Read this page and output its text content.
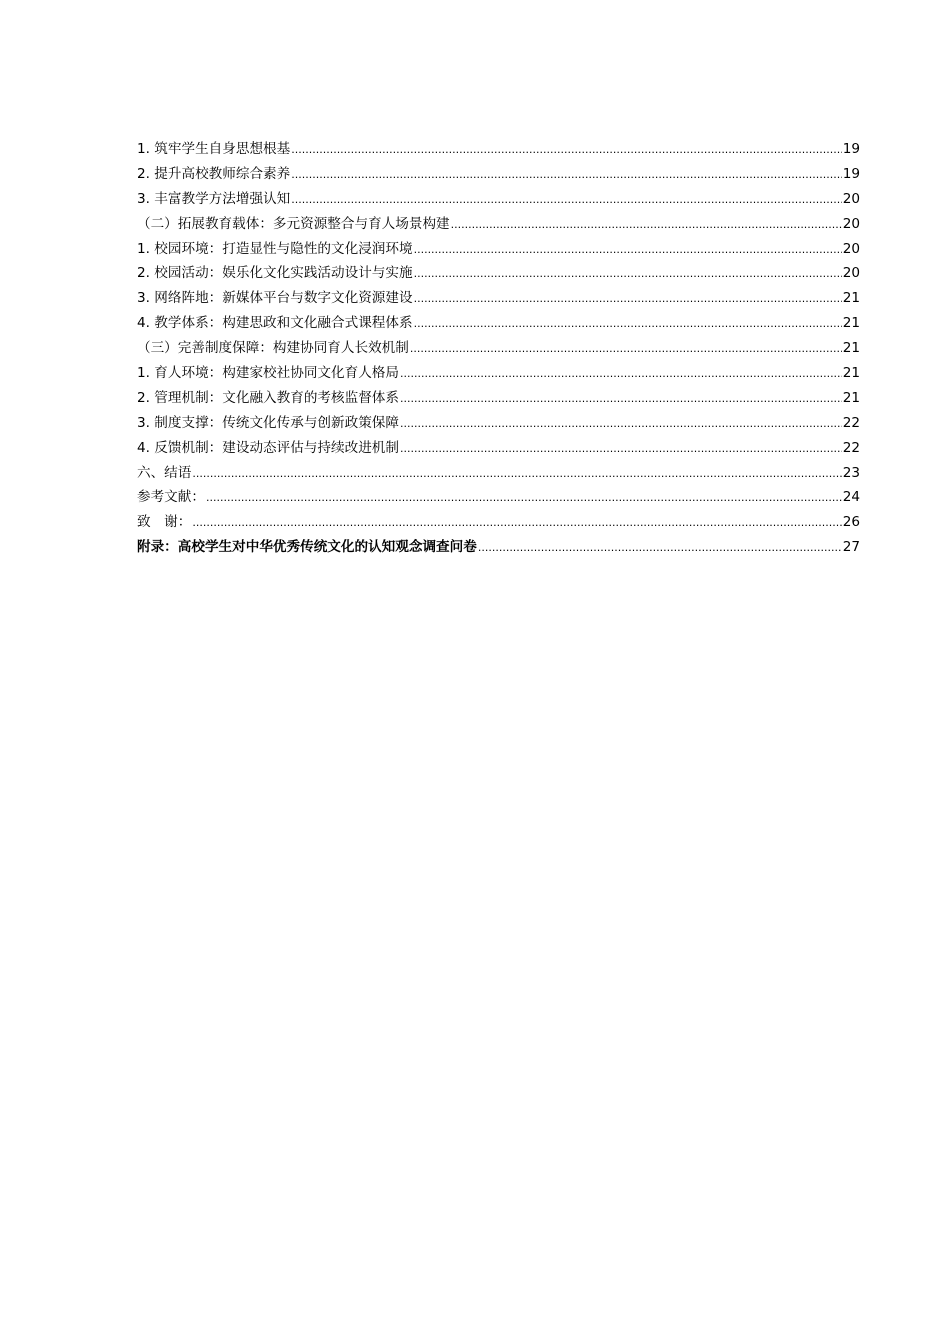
1. 筑牢学生自身思想根基 .....	19
2. 提升高校教师综合素养 .....	19
3. 丰富教学方法增强认知 .....	20
（二）拓展教育载体：多元资源整合与育人场景构建 .....	20
1. 校园环境：打造显性与隐性的文化浸润环境 .....	20
2. 校园活动：娱乐化文化实践活动设计与实施 .....	20
3. 网络阵地：新媒体平台与数字文化资源建设 .....	21
4. 教学体系：构建思政和文化融合式课程体系 .....	21
（三）完善制度保障：构建协同育人长效机制 .....	21
1. 育人环境：构建家校社协同文化育人格局 .....	21
2. 管理机制：文化融入教育的考核监督体系 .....	21
3. 制度支撑：传统文化传承与创新政策保障 .....	22
4. 反馈机制：建设动态评估与持续改进机制 .....	22
六、结语 .....	23
参考文献： .....	24
致　谢： .....	26
附录：高校学生对中华优秀传统文化的认知观念调查问卷 .....	27
